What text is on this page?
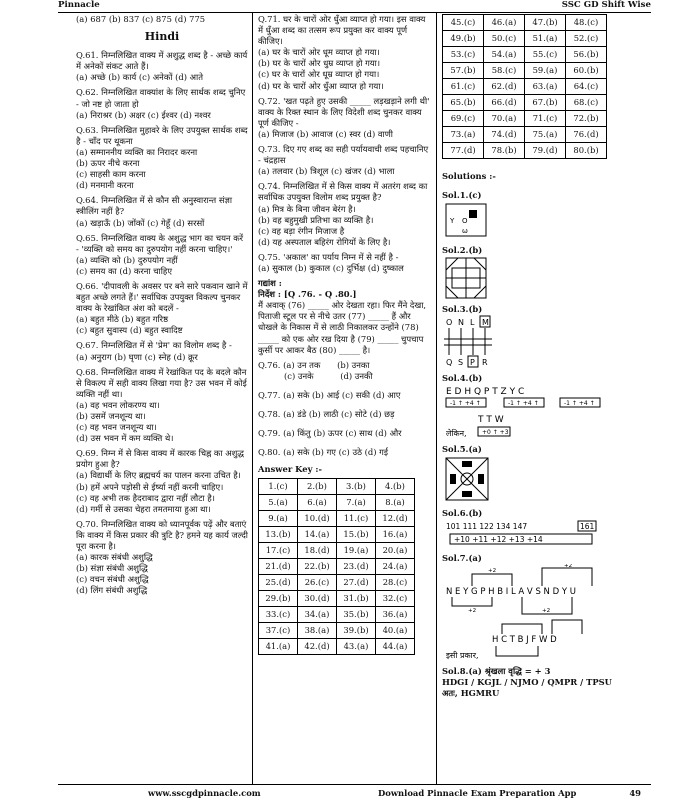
Pinnacle	SSC GD Shift Wise
(a) 687 (b) 837 (c) 875 (d) 775
Hindi

Q.61. निम्नलिखित वाक्य में अशुद्ध शब्द है - अच्छे कार्य में अनेकों संकट आते हैं।

(a) अच्छे (b) कार्य (c) अनेकों (d) आते

Q.62. निम्नलिखित वाक्यांश के लिए सार्थक शब्द चुनिए - जो नष्ट हो जाता हो

(a) निराश्रर (b) अक्षर (c) ईश्वर (d) नश्वर

Q.63. निम्नलिखित मुहावरे के लिए उपयुक्त सार्थक शब्द है - चाँद पर थूकना

(a) सम्माननीय व्यक्ति का निरादर करना

(b) ऊपर नीचे करना

(c) साहसी काम करना

(d) मनमानी करना

Q.64. निम्नलिखित में से कौन सी अनुस्वारान्त संज्ञा स्त्रीलिंग नहीं है?

(a) खड़ाऊँ (b) जोंकों (c) गेहूँ (d) सरसों

Q.65. निम्नलिखित वाक्य के अशुद्ध भाग का चयन करें - 'व्यक्ति को समय का दुरुपयोग नहीं करना चाहिए।'

(a) व्यक्ति को (b) दुरुपयोग नहीं

(c) समय का (d) करना चाहिए

Q.66. 'दीपावली के अवसर पर बने सारे पकवान खाने में बहुत अच्छे लगते हैं।' सर्वाधिक उपयुक्त विकल्प चुनकर वाक्य के रेखांकित अंश को बदलें -

(a) बहुत मीठे (b) बहुत गरिष्ठ

(c) बहुत सुवास्य (d) बहुत स्वादिष्ट

Q.67. निम्नलिखित में से 'प्रेम' का विलोम शब्द है -

(a) अनुराग (b) घृणा (c) स्नेह (d) क्रूर

Q.68. निम्नलिखित वाक्य में रेखांकित पद के बदले कौन से विकल्प में सही वाक्य लिखा गया है? उस भवन में कोई व्यक्ति नहीं था।

(a) वह भवन लोकरण्य था।

(b) उसमें जनशून्य था।

(c) वह भवन जनशून्य था।

(d) उस भवन में कम व्यक्ति थे।

Q.69. निम्न में से किस वाक्य में कारक चिह्न का अशुद्ध प्रयोग हुआ है?

(a) विद्यार्थी के लिए ब्रह्मचर्य का पालन करना उचित है।

(b) हमें अपने पड़ोसी से ईर्ष्या नहीं करनी चाहिए।

(c) वह अभी तक हैदराबाद द्वारा नहीं लौटा है।

(d) गर्मी से उसका चेहरा तमतमाया हुआ था।

Q.70. निम्नलिखित वाक्य को ध्यानपूर्वक पढ़ें और बताएं कि वाक्य में किस प्रकार की त्रुटि है? हमने यह कार्य जल्दी पूरा करना है।

(a) कारक संबंधी अशुद्धि

(b) संज्ञा संबंधी अशुद्धि

(c) वचन संबंधी अशुद्धि

(d) लिंग संबंधी अशुद्धि

Q.71. घर के चारों ओर धुँआ व्याप्त हो गया। इस वाक्य में धुँआ शब्द का तत्सम रूप प्रयुक्त कर वाक्य पूर्ण कीजिए।

(a) घर के चारों ओर धूम व्याप्त हो गया।

(b) घर के चारों ओर धुम्र व्याप्त हो गया।

(c) घर के चारों ओर धूम्र व्याप्त हो गया।

(d) घर के चारों ओर धुँआ व्याप्त हो गया।

Q.72. 'खत पढ़ते हुए उसकी _____ लड़खड़ाने लगी थी' वाक्य के रिक्त स्थान के लिए विदेशी शब्द चुनकर वाक्य पूर्ण कीजिए -

(a) मिजाज (b) आवाज (c) स्वर (d) वाणी

Q.73. दिए गए शब्द का सही पर्यायवाची शब्द पहचानिए - चंद्रहास

(a) तलवार (b) त्रिशूल (c) खंजर (d) भाला

Q.74. निम्नलिखित में से किस वाक्य में अतरंग शब्द का सर्वाधिक उपयुक्त विलोम शब्द प्रयुक्त है?

(a) मित्र के बिना जीवन बेरंग है।

(b) वह बहुमुखी प्रतिभा का व्यक्ति है।

(c) वह बड़ा रंगीन मिजाज है

(d) यह अस्पताल बहिरंग रोगियों के लिए है।

Q.75. 'अकाल' का पर्याय निम्न में से नहीं है -

(a) सुकाल (b) कुकाल (c) दुर्भिक्ष (d) दुष्काल

गद्यांश :
निर्देश : [Q .76. - Q .80.]
मैं अवाक् (76) _____ ओर देखता रहा। फिर मैंने देखा, पिताजी स्टूल पर से नीचे उतर (77) _____ हैं और धोखले के निकास में से लाठी निकालकर उन्होंने (78) _____ को एक ओर रख दिया है (79) _____ चुपचाप कुर्सी पर आकर बैठ (80) _____ है।
Q.76. (a) उन तक (b) उनका
(c) उनके	(d) उनकी
Q.77. (a) सके (b) आई (c) सकी (d) आए
Q.78. (a) डंडे (b) लाठी (c) सोटे (d) छड़
Q.79. (a) किंतु (b) ऊपर (c) साथ (d) और
Q.80. (a) सके (b) गए (c) उठे (d) गई
Answer Key :-
1.(c)	2.(b)	3.(b)	4.(b)
5.(a)	6.(a)	7.(a)	8.(a)
9.(a)	10.(d)	11.(c)	12.(d)
13.(b)	14.(a)	15.(b)	16.(a)
17.(c)	18.(d)	19.(a)	20.(a)
21.(d)	22.(b)	23.(d)	24.(a)
25.(d)	26.(c)	27.(d)	28.(c)
29.(b)	30.(d)	31.(b)	32.(c)
33.(c)	34.(a)	35.(b)	36.(a)
37.(c)	38.(a)	39.(b)	40.(a)
41.(a)	42.(d)	43.(a)	44.(a)
45.(c)	46.(a)	47.(b)	48.(c)
49.(b)	50.(c)	51.(a)	52.(c)
53.(c)	54.(a)	55.(c)	56.(b)
57.(b)	58.(c)	59.(a)	60.(b)
61.(c)	62.(d)	63.(a)	64.(c)
65.(b)	66.(d)	67.(b)	68.(c)
69.(c)	70.(a)	71.(c)	72.(b)
73.(a)	74.(d)	75.(a)	76.(d)
77.(d)	78.(b)	79.(d)	80.(b)
Solutions :-
Sol.1.(c)
Y O
ω
Sol.2.(b)
Sol.3.(b)
O N L M
Q S P R
Sol.4.(b)
E D H Q P T Z Y C
-1 ↑ +4 ↑	-1 ↑ +4 ↑	-1 ↑ +4 ↑
T T W
लेकिन,	+0 ↑ +3
Sol.5.(a)
Sol.6.(b)
101 111 122 134 147	161
+10 +11 +12 +13 +14
Sol.7.(a)
N E Y G P H B I L A V S N D Y U
+2
+2
+2	+2
H C T B J F W D
इसी प्रकार,
Sol.8.(a) श्रृंखला वृद्धि = + 3
HDGI / KGJL / NJMO / QMPR / TPSU
अतः, HGMRU
www.sscgdpinnacle.com	Download Pinnacle Exam Preparation App	49
